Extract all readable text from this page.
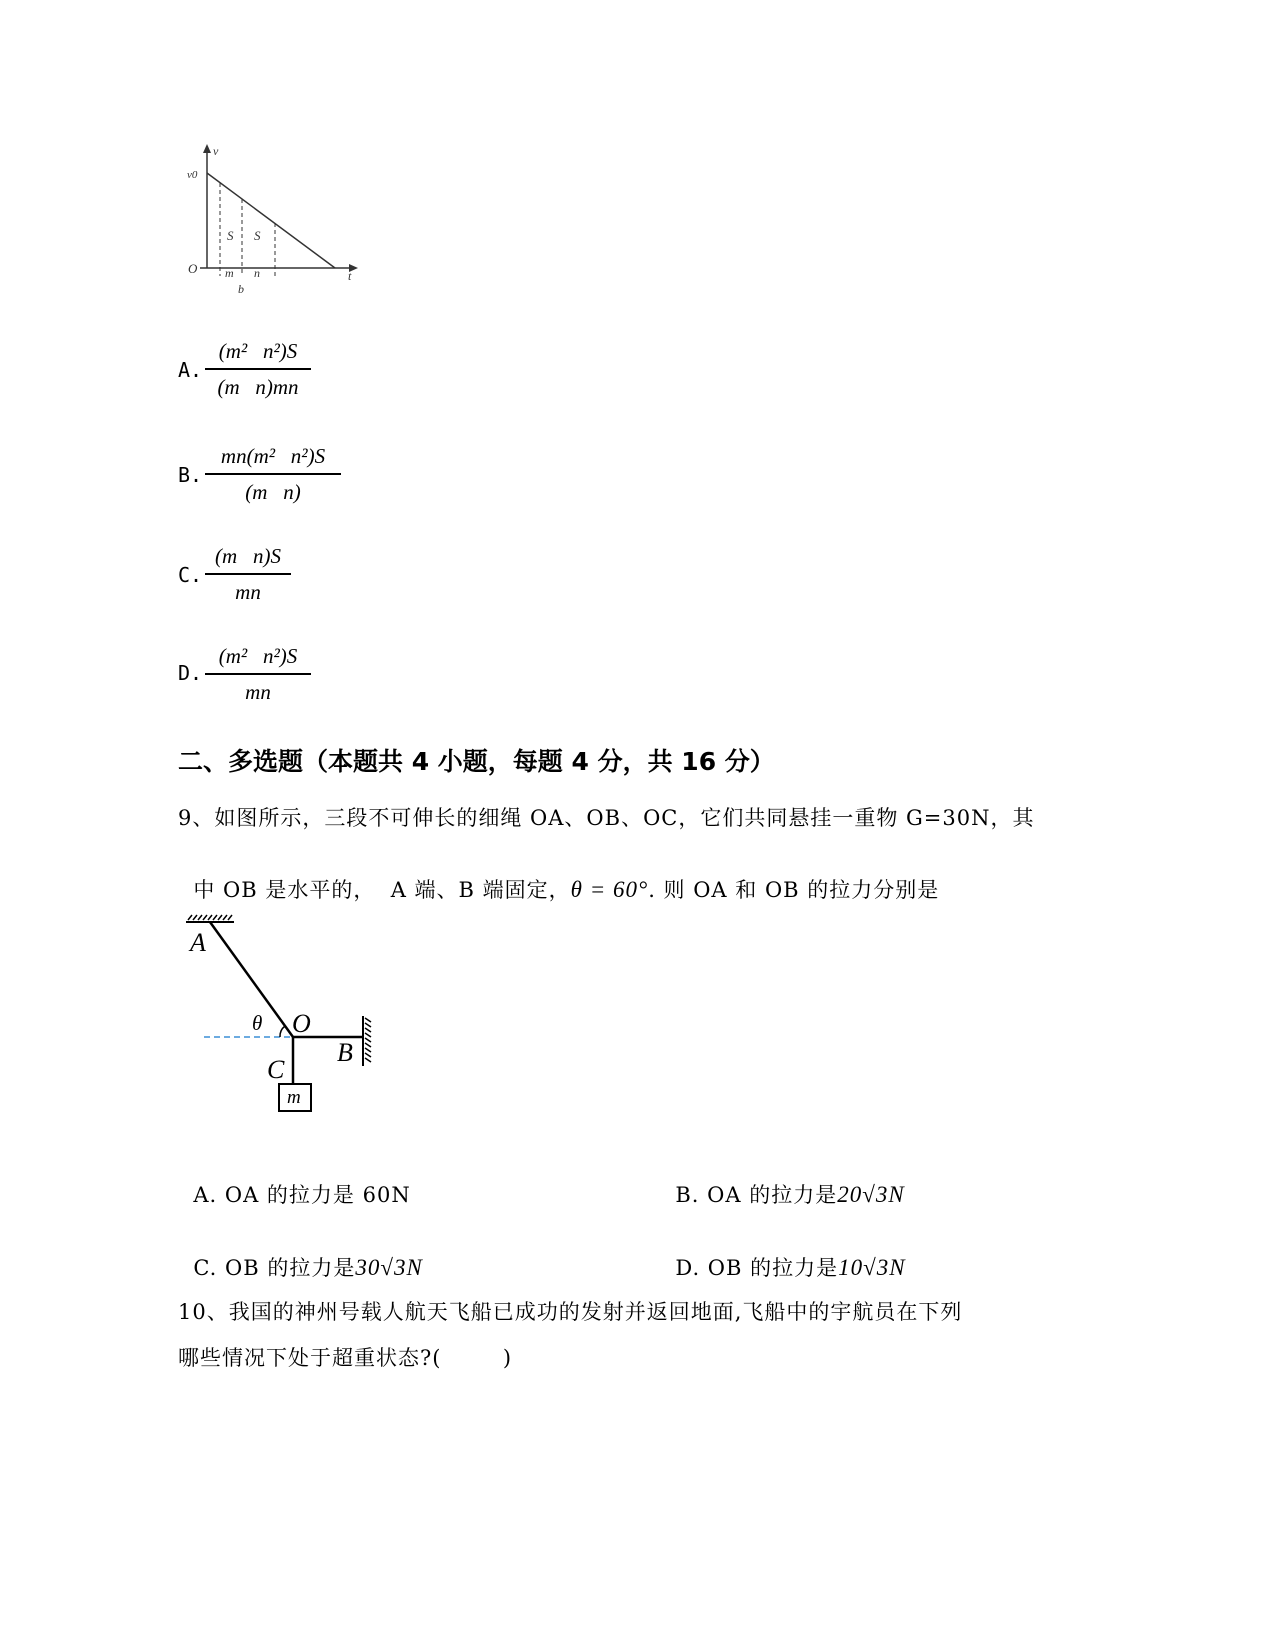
v
t
v0
O
S S
m n
b
A.
(m²   n²)S
(m   n)mn
B.
mn(m²   n²)S
(m   n)
C.
(m   n)S
mn
D.
(m²   n²)S
mn
二、多选题（本题共 4 小题，每题 4 分，共 16 分）
9、如图所示，三段不可伸长的细绳 OA、OB、OC，它们共同悬挂一重物 G=30N，其

中 OB 是水平的，  A 端、B 端固定，θ = 60°. 则 OA 和 OB 的拉力分别是

A
O
B
C
θ
m

A. OA 的拉力是 60N	B. OA 的拉力是20√3N

C. OB 的拉力是30√3N	D. OB 的拉力是10√3N

10、我国的神州号载人航天飞船已成功的发射并返回地面,飞船中的宇航员在下列
哪些情况下处于超重状态?(        )
